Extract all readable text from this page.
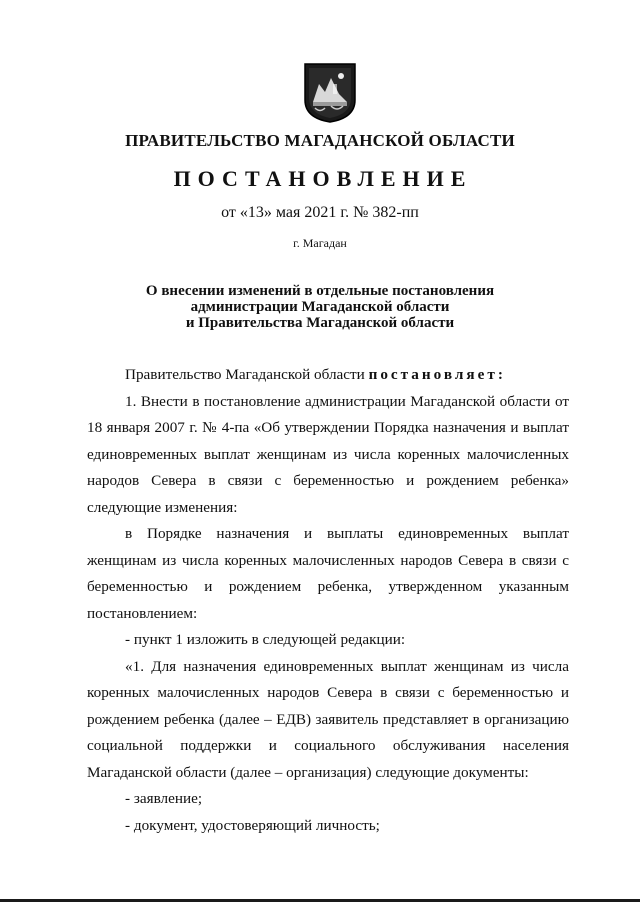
ПРАВИТЕЛЬСТВО МАГАДАНСКОЙ ОБЛАСТИ
ПОСТАНОВЛЕНИЕ
от «13» мая 2021 г. № 382-пп
г. Магадан
О внесении изменений в отдельные постановления
администрации Магаданской области
и Правительства Магаданской области

Правительство Магаданской области постановляет:

1. Внести в постановление администрации Магаданской области от 18 января 2007 г. № 4-па «Об утверждении Порядка назначения и выплат единовременных выплат женщинам из числа коренных малочисленных народов Севера в связи с беременностью и рождением ребенка» следующие изменения:

в Порядке назначения и выплаты единовременных выплат женщинам из числа коренных малочисленных народов Севера в связи с беременностью и рождением ребенка, утвержденном указанным постановлением:

- пункт 1 изложить в следующей редакции:

«1. Для назначения единовременных выплат женщинам из числа коренных малочисленных народов Севера в связи с беременностью и рождением ребенка (далее – ЕДВ) заявитель представляет в организацию социальной поддержки и социального обслуживания населения Магаданской области (далее – организация) следующие документы:

- заявление;

- документ, удостоверяющий личность;
